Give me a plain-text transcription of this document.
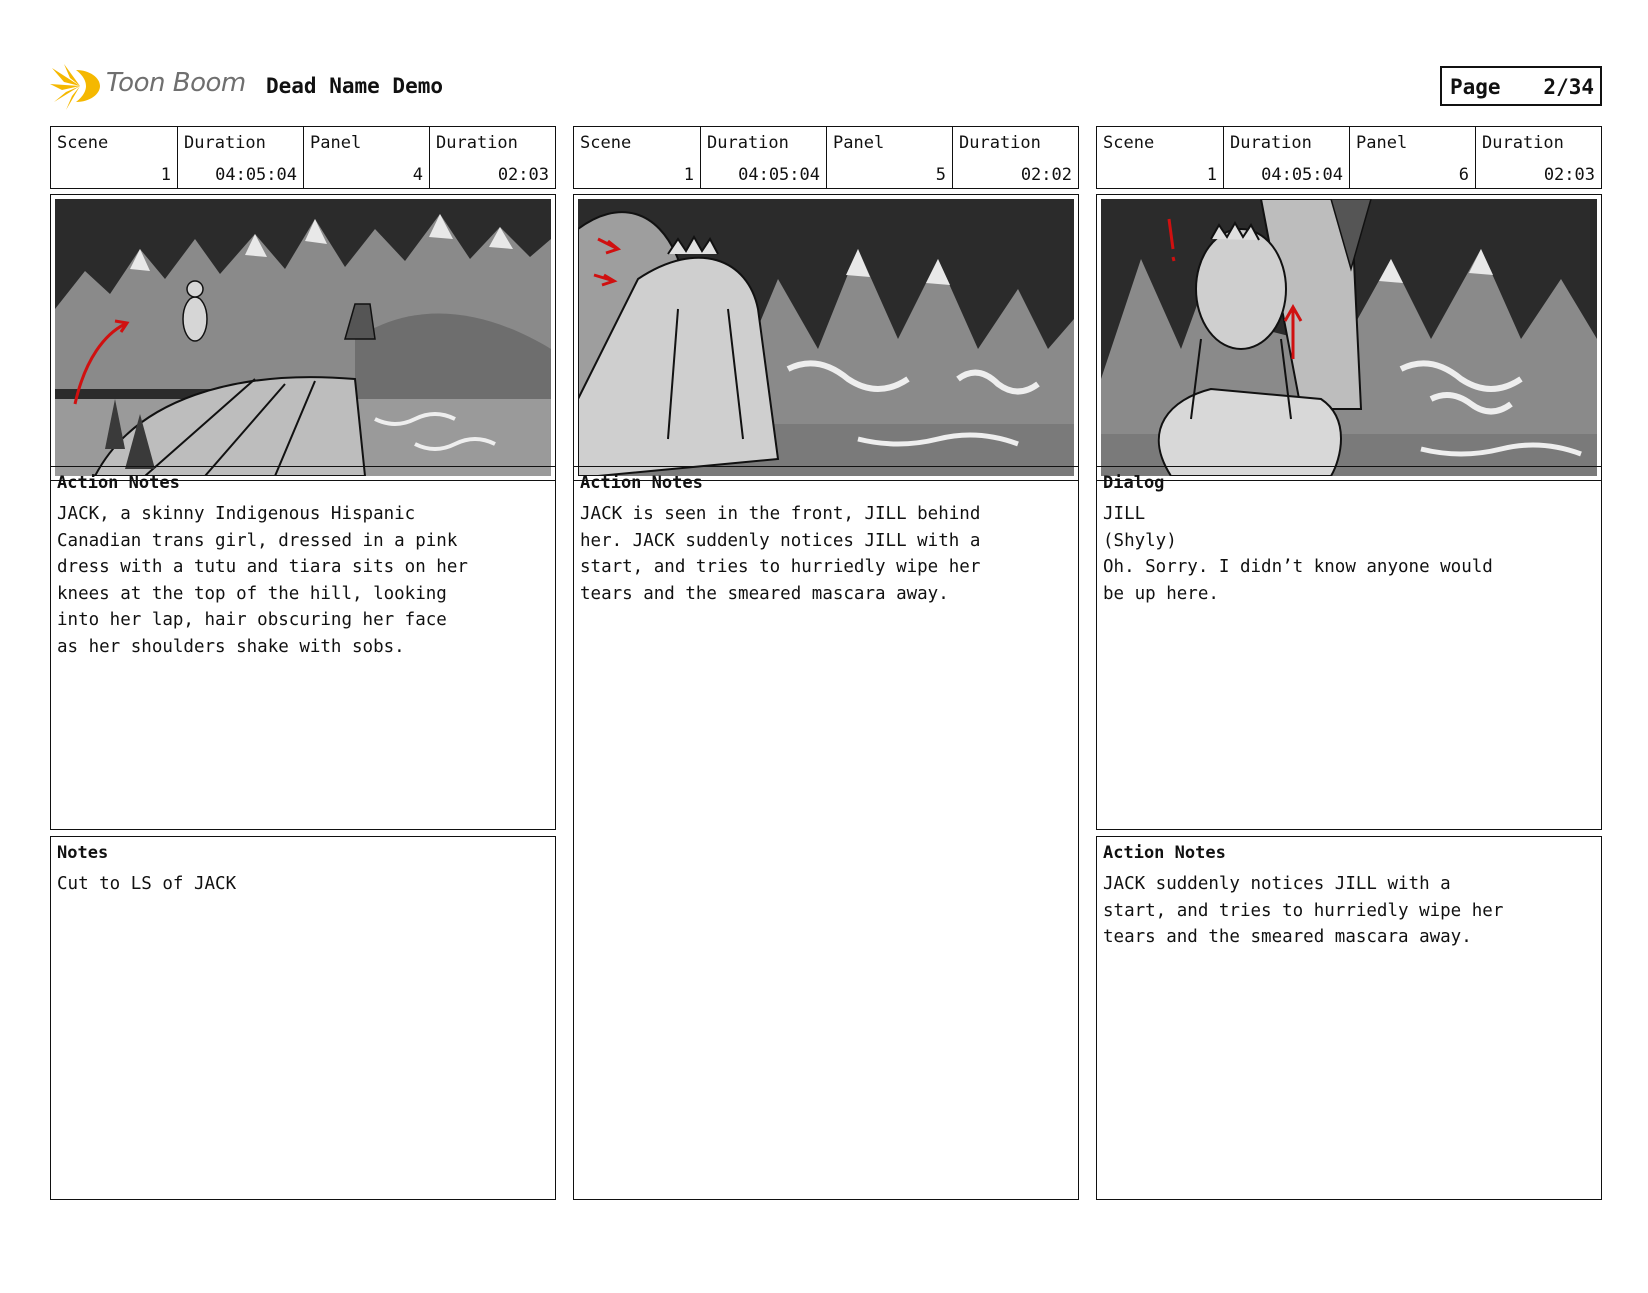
Toon Boom Dead Name Demo	Page 2/34
Scene
1
Duration
04:05:04
Panel
4
Duration
02:03
Action Notes
JACK, a skinny Indigenous Hispanic
Canadian trans girl, dressed in a pink
dress with a tutu and tiara sits on her
knees at the top of the hill, looking
into her lap, hair obscuring her face
as her shoulders shake with sobs.
Notes
Cut to LS of JACK
Scene
1
Duration
04:05:04
Panel
5
Duration
02:02
Action Notes
JACK is seen in the front, JILL behind
her. JACK suddenly notices JILL with a
start, and tries to hurriedly wipe her
tears and the smeared mascara away.
Scene
1
Duration
04:05:04
Panel
6
Duration
02:03
Dialog
JILL
(Shyly)
Oh. Sorry. I didn’t know anyone would
be up here.
Action Notes
JACK suddenly notices JILL with a
start, and tries to hurriedly wipe her
tears and the smeared mascara away.
